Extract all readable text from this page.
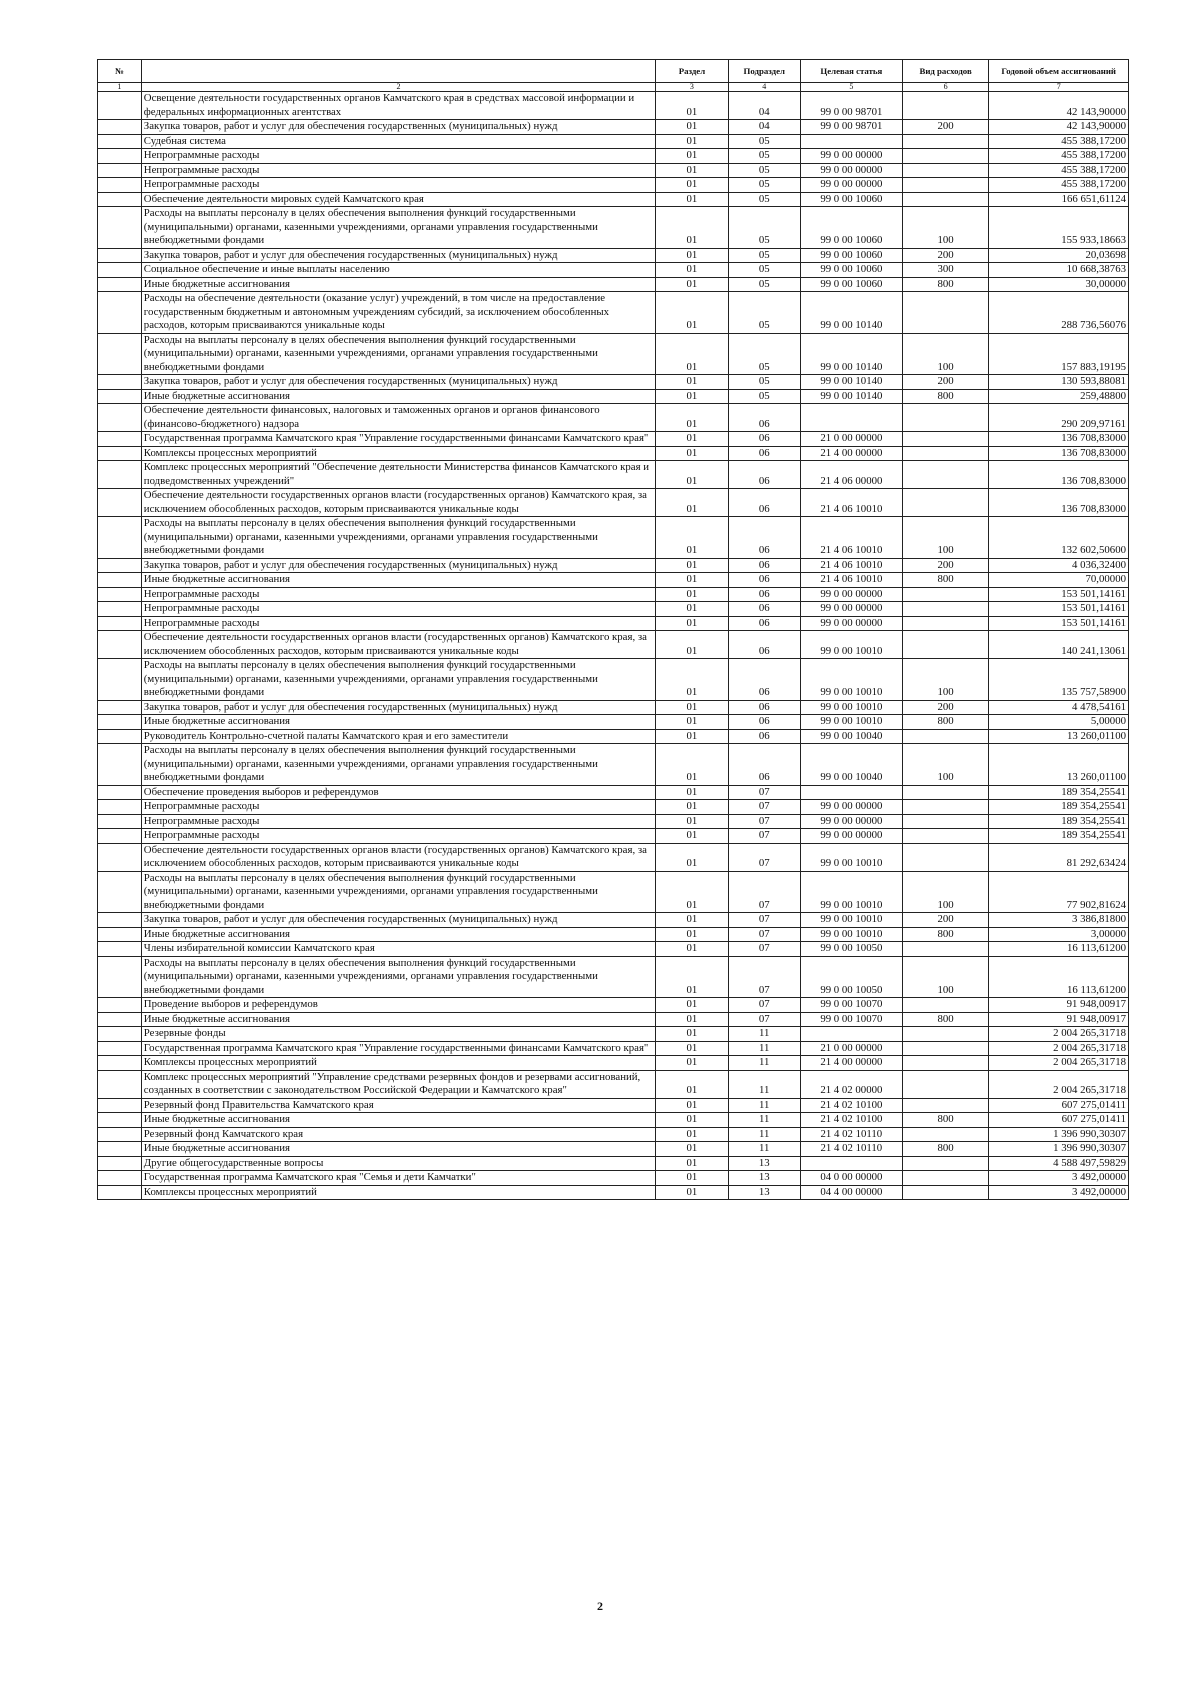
№		Раздел	Подраздел	Целевая статья	Вид расходов	Годовой объем ассигнований
1	2	3	4	5	6	7
	Освещение деятельности государственных органов Камчатского края в средствах массовой информации и федеральных информационных агентствах	01	04	99 0 00 98701		42 143,90000
	Закупка товаров, работ и услуг для обеспечения государственных (муниципальных) нужд	01	04	99 0 00 98701	200	42 143,90000
	Судебная система	01	05			455 388,17200
	Непрограммные расходы	01	05	99 0 00 00000		455 388,17200
	Непрограммные расходы	01	05	99 0 00 00000		455 388,17200
	Непрограммные расходы	01	05	99 0 00 00000		455 388,17200
	Обеспечение деятельности мировых судей Камчатского края	01	05	99 0 00 10060		166 651,61124
	Расходы на выплаты персоналу в целях обеспечения выполнения функций государственными (муниципальными) органами, казенными учреждениями, органами управления государственными внебюджетными фондами	01	05	99 0 00 10060	100	155 933,18663
	Закупка товаров, работ и услуг для обеспечения государственных (муниципальных) нужд	01	05	99 0 00 10060	200	20,03698
	Социальное обеспечение и иные выплаты населению	01	05	99 0 00 10060	300	10 668,38763
	Иные бюджетные ассигнования	01	05	99 0 00 10060	800	30,00000
	Расходы на обеспечение деятельности (оказание услуг) учреждений, в том числе на предоставление государственным бюджетным и автономным учреждениям субсидий, за исключением обособленных расходов, которым присваиваются уникальные коды	01	05	99 0 00 10140		288 736,56076
	Расходы на выплаты персоналу в целях обеспечения выполнения функций государственными (муниципальными) органами, казенными учреждениями, органами управления государственными внебюджетными фондами	01	05	99 0 00 10140	100	157 883,19195
	Закупка товаров, работ и услуг для обеспечения государственных (муниципальных) нужд	01	05	99 0 00 10140	200	130 593,88081
	Иные бюджетные ассигнования	01	05	99 0 00 10140	800	259,48800
	Обеспечение деятельности финансовых, налоговых и таможенных органов и органов финансового (финансово-бюджетного) надзора	01	06			290 209,97161
	Государственная программа Камчатского края "Управление государственными финансами Камчатского края"	01	06	21 0 00 00000		136 708,83000
	Комплексы процессных мероприятий	01	06	21 4 00 00000		136 708,83000
	Комплекс процессных мероприятий "Обеспечение деятельности Министерства финансов Камчатского края и подведомственных учреждений"	01	06	21 4 06 00000		136 708,83000
	Обеспечение деятельности государственных органов власти (государственных органов) Камчатского края, за исключением обособленных расходов, которым присваиваются уникальные коды	01	06	21 4 06 10010		136 708,83000
	Расходы на выплаты персоналу в целях обеспечения выполнения функций государственными (муниципальными) органами, казенными учреждениями, органами управления государственными внебюджетными фондами	01	06	21 4 06 10010	100	132 602,50600
	Закупка товаров, работ и услуг для обеспечения государственных (муниципальных) нужд	01	06	21 4 06 10010	200	4 036,32400
	Иные бюджетные ассигнования	01	06	21 4 06 10010	800	70,00000
	Непрограммные расходы	01	06	99 0 00 00000		153 501,14161
	Непрограммные расходы	01	06	99 0 00 00000		153 501,14161
	Непрограммные расходы	01	06	99 0 00 00000		153 501,14161
	Обеспечение деятельности государственных органов власти (государственных органов) Камчатского края, за исключением обособленных расходов, которым присваиваются уникальные коды	01	06	99 0 00 10010		140 241,13061
	Расходы на выплаты персоналу в целях обеспечения выполнения функций государственными (муниципальными) органами, казенными учреждениями, органами управления государственными внебюджетными фондами	01	06	99 0 00 10010	100	135 757,58900
	Закупка товаров, работ и услуг для обеспечения государственных (муниципальных) нужд	01	06	99 0 00 10010	200	4 478,54161
	Иные бюджетные ассигнования	01	06	99 0 00 10010	800	5,00000
	Руководитель Контрольно-счетной палаты Камчатского края и его заместители	01	06	99 0 00 10040		13 260,01100
	Расходы на выплаты персоналу в целях обеспечения выполнения функций государственными (муниципальными) органами, казенными учреждениями, органами управления государственными внебюджетными фондами	01	06	99 0 00 10040	100	13 260,01100
	Обеспечение проведения выборов и референдумов	01	07			189 354,25541
	Непрограммные расходы	01	07	99 0 00 00000		189 354,25541
	Непрограммные расходы	01	07	99 0 00 00000		189 354,25541
	Непрограммные расходы	01	07	99 0 00 00000		189 354,25541
	Обеспечение деятельности государственных органов власти (государственных органов) Камчатского края, за исключением обособленных расходов, которым присваиваются уникальные коды	01	07	99 0 00 10010		81 292,63424
	Расходы на выплаты персоналу в целях обеспечения выполнения функций государственными (муниципальными) органами, казенными учреждениями, органами управления государственными внебюджетными фондами	01	07	99 0 00 10010	100	77 902,81624
	Закупка товаров, работ и услуг для обеспечения государственных (муниципальных) нужд	01	07	99 0 00 10010	200	3 386,81800
	Иные бюджетные ассигнования	01	07	99 0 00 10010	800	3,00000
	Члены избирательной комиссии Камчатского края	01	07	99 0 00 10050		16 113,61200
	Расходы на выплаты персоналу в целях обеспечения выполнения функций государственными (муниципальными) органами, казенными учреждениями, органами управления государственными внебюджетными фондами	01	07	99 0 00 10050	100	16 113,61200
	Проведение выборов и референдумов	01	07	99 0 00 10070		91 948,00917
	Иные бюджетные ассигнования	01	07	99 0 00 10070	800	91 948,00917
	Резервные фонды	01	11			2 004 265,31718
	Государственная программа Камчатского края "Управление государственными финансами Камчатского края"	01	11	21 0 00 00000		2 004 265,31718
	Комплексы процессных мероприятий	01	11	21 4 00 00000		2 004 265,31718
	Комплекс процессных мероприятий "Управление средствами резервных фондов и резервами ассигнований, созданных в соответствии с законодательством Российской Федерации и Камчатского края"	01	11	21 4 02 00000		2 004 265,31718
	Резервный фонд Правительства Камчатского края	01	11	21 4 02 10100		607 275,01411
	Иные бюджетные ассигнования	01	11	21 4 02 10100	800	607 275,01411
	Резервный фонд Камчатского края	01	11	21 4 02 10110		1 396 990,30307
	Иные бюджетные ассигнования	01	11	21 4 02 10110	800	1 396 990,30307
	Другие общегосударственные вопросы	01	13			4 588 497,59829
	Государственная программа Камчатского края "Семья и дети Камчатки"	01	13	04 0 00 00000		3 492,00000
	Комплексы процессных мероприятий	01	13	04 4 00 00000		3 492,00000
2
